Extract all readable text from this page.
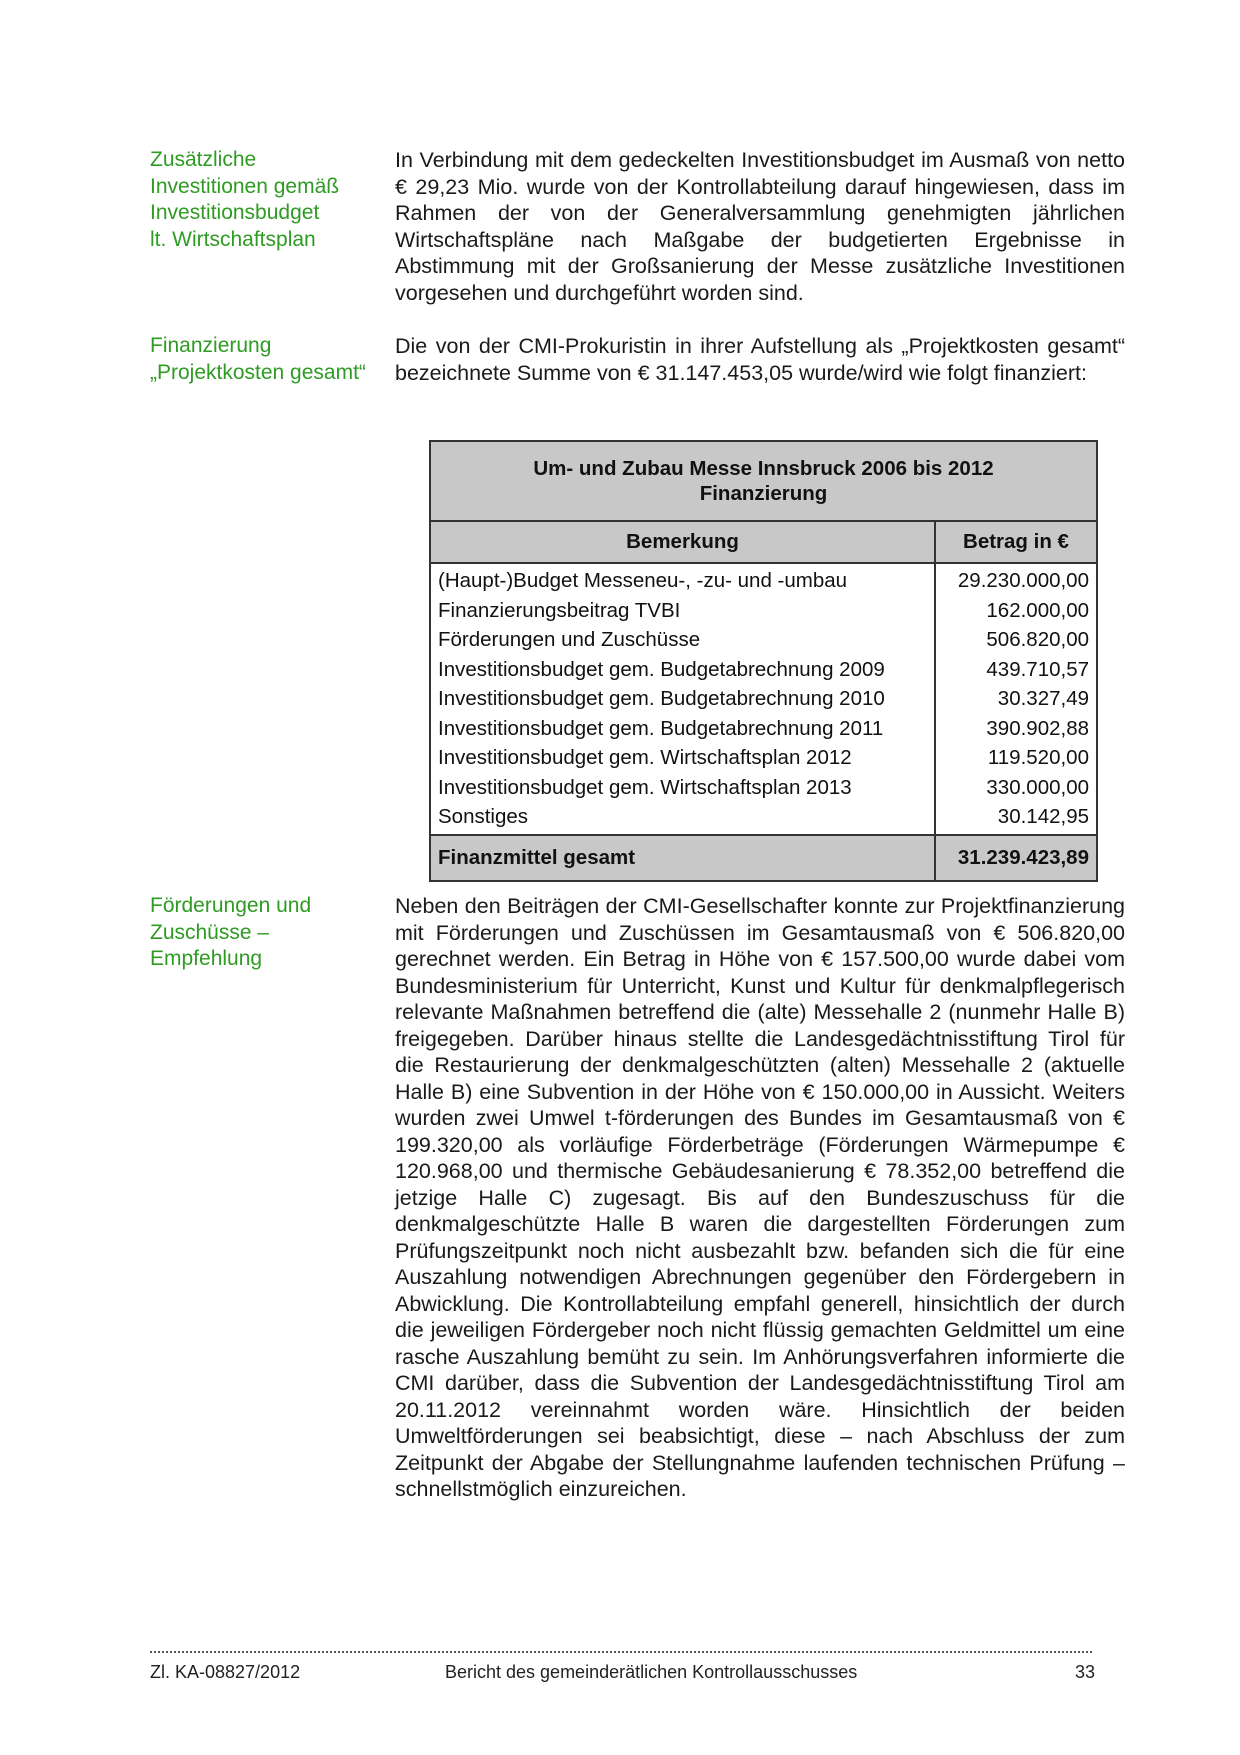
Zusätzliche
Investitionen gemäß
Investitionsbudget
lt. Wirtschaftsplan
In Verbindung mit dem gedeckelten Investitionsbudget im Ausmaß von netto € 29,23 Mio. wurde von der Kontrollabteilung darauf hingewiesen, dass im Rahmen der von der Generalversammlung genehmigten jährlichen Wirtschaftspläne nach Maßgabe der budgetierten Ergebnisse in Abstimmung mit der Großsanierung der Messe zusätzliche Investitionen vorgesehen und durchgeführt worden sind.
Finanzierung
„Projektkosten gesamt“
Die von der CMI-Prokuristin in ihrer Aufstellung als „Projektkosten gesamt“ bezeichnete Summe von € 31.147.453,05 wurde/wird wie folgt finanziert:
Um- und Zubau Messe Innsbruck 2006 bis 2012
Finanzierung	
Bemerkung	Betrag in €
(Haupt-)Budget Messeneu-, -zu- und -umbau	29.230.000,00
Finanzierungsbeitrag TVBI	162.000,00
Förderungen und Zuschüsse	506.820,00
Investitionsbudget gem. Budgetabrechnung 2009	439.710,57
Investitionsbudget gem. Budgetabrechnung 2010	30.327,49
Investitionsbudget gem. Budgetabrechnung 2011	390.902,88
Investitionsbudget gem. Wirtschaftsplan 2012	119.520,00
Investitionsbudget gem. Wirtschaftsplan 2013	330.000,00
Sonstiges	30.142,95
Finanzmittel gesamt	31.239.423,89
Förderungen und
Zuschüsse –
Empfehlung
Neben den Beiträgen der CMI-Gesellschafter konnte zur Projektfinanzierung mit Förderungen und Zuschüssen im Gesamtausmaß von € 506.820,00 gerechnet werden. Ein Betrag in Höhe von € 157.500,00 wurde dabei vom Bundesministerium für Unterricht, Kunst und Kultur für denkmalpflegerisch relevante Maßnahmen betreffend die (alte) Messehalle 2 (nunmehr Halle B) freigegeben. Darüber hinaus stellte die Landesgedächtnisstiftung Tirol für die Restaurierung der denkmalgeschützten (alten) Messehalle 2 (aktuelle Halle B) eine Subvention in der Höhe von € 150.000,00 in Aussicht. Weiters wurden zwei Umwel t-förderungen des Bundes im Gesamtausmaß von € 199.320,00 als vorläufige Förderbeträge (Förderungen Wärmepumpe € 120.968,00 und thermische Gebäudesanierung € 78.352,00 betreffend die jetzige Halle C) zugesagt. Bis auf den Bundeszuschuss für die denkmalgeschützte Halle B waren die dargestellten Förderungen zum Prüfungszeitpunkt noch nicht ausbezahlt bzw. befanden sich die für eine Auszahlung notwendigen Abrechnungen gegenüber den Fördergebern in Abwicklung. Die Kontrollabteilung empfahl generell, hinsichtlich der durch die jeweiligen Fördergeber noch nicht flüssig gemachten Geldmittel um eine rasche Auszahlung bemüht zu sein. Im Anhörungsverfahren informierte die CMI darüber, dass die Subvention der Landesgedächtnisstiftung Tirol am 20.11.2012 vereinnahmt worden wäre. Hinsichtlich der beiden Umweltförderungen sei beabsichtigt, diese – nach Abschluss der zum Zeitpunkt der Abgabe der Stellungnahme laufenden technischen Prüfung – schnellstmöglich einzureichen.
Zl. KA-08827/2012	Bericht des gemeinderätlichen Kontrollausschusses	33
